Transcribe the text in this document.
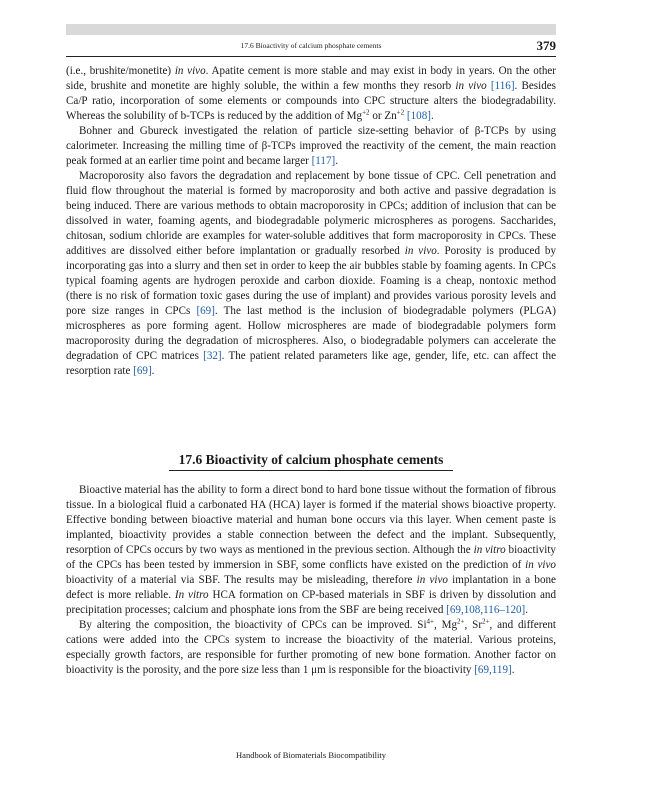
17.6 Bioactivity of calcium phosphate cements	379

(i.e., brushite/monetite) in vivo. Apatite cement is more stable and may exist in body in years. On the other side, brushite and monetite are highly soluble, the within a few months they resorb in vivo [116]. Besides Ca/P ratio, incorporation of some elements or compounds into CPC structure alters the biodegradability. Whereas the solubility of b-TCPs is reduced by the addition of $Mg^{+2}$ or $Zn^{+2}$ [108].

Bohner and Gbureck investigated the relation of particle size-setting behavior of β-TCPs by using calorimeter. Increasing the milling time of β-TCPs improved the reactivity of the cement, the main reaction peak formed at an earlier time point and became larger [117].

Macroporosity also favors the degradation and replacement by bone tissue of CPC. Cell penetration and fluid flow throughout the material is formed by macroporosity and both active and passive degradation is being induced. There are various methods to obtain macroporosity in CPCs; addition of inclusion that can be dissolved in water, foaming agents, and biodegradable polymeric microspheres as porogens. Saccharides, chitosan, sodium chloride are examples for water-soluble additives that form macroporosity in CPCs. These additives are dissolved either before implantation or gradually resorbed in vivo. Porosity is produced by incorporating gas into a slurry and then set in order to keep the air bubbles stable by foaming agents. In CPCs typical foaming agents are hydrogen peroxide and carbon dioxide. Foaming is a cheap, nontoxic method (there is no risk of formation toxic gases during the use of implant) and provides various porosity levels and pore size ranges in CPCs [69]. The last method is the inclusion of biodegradable polymers (PLGA) microspheres as pore forming agent. Hollow microspheres are made of biodegradable polymers form macroporosity during the degradation of microspheres. Also, o biodegradable polymers can accelerate the degradation of CPC matrices [32]. The patient related parameters like age, gender, life, etc. can affect the resorption rate [69].

17.6 Bioactivity of calcium phosphate cements

Bioactive material has the ability to form a direct bond to hard bone tissue without the formation of fibrous tissue. In a biological fluid a carbonated HA (HCA) layer is formed if the material shows bioactive property. Effective bonding between bioactive material and human bone occurs via this layer. When cement paste is implanted, bioactivity provides a stable connection between the defect and the implant. Subsequently, resorption of CPCs occurs by two ways as mentioned in the previous section. Although the in vitro bioactivity of the CPCs has been tested by immersion in SBF, some conflicts have existed on the prediction of in vivo bioactivity of a material via SBF. The results may be misleading, therefore in vivo implantation in a bone defect is more reliable. In vitro HCA formation on CP-based materials in SBF is driven by dissolution and precipitation processes; calcium and phosphate ions from the SBF are being received [69,108,116–120].

By altering the composition, the bioactivity of CPCs can be improved. $Si^{4+}$, $Mg^{2+}$, $Sr^{2+}$, and different cations were added into the CPCs system to increase the bioactivity of the material. Various proteins, especially growth factors, are responsible for further promoting of new bone formation. Another factor on bioactivity is the porosity, and the pore size less than 1 μm is responsible for the bioactivity [69,119].

Handbook of Biomaterials Biocompatibility
